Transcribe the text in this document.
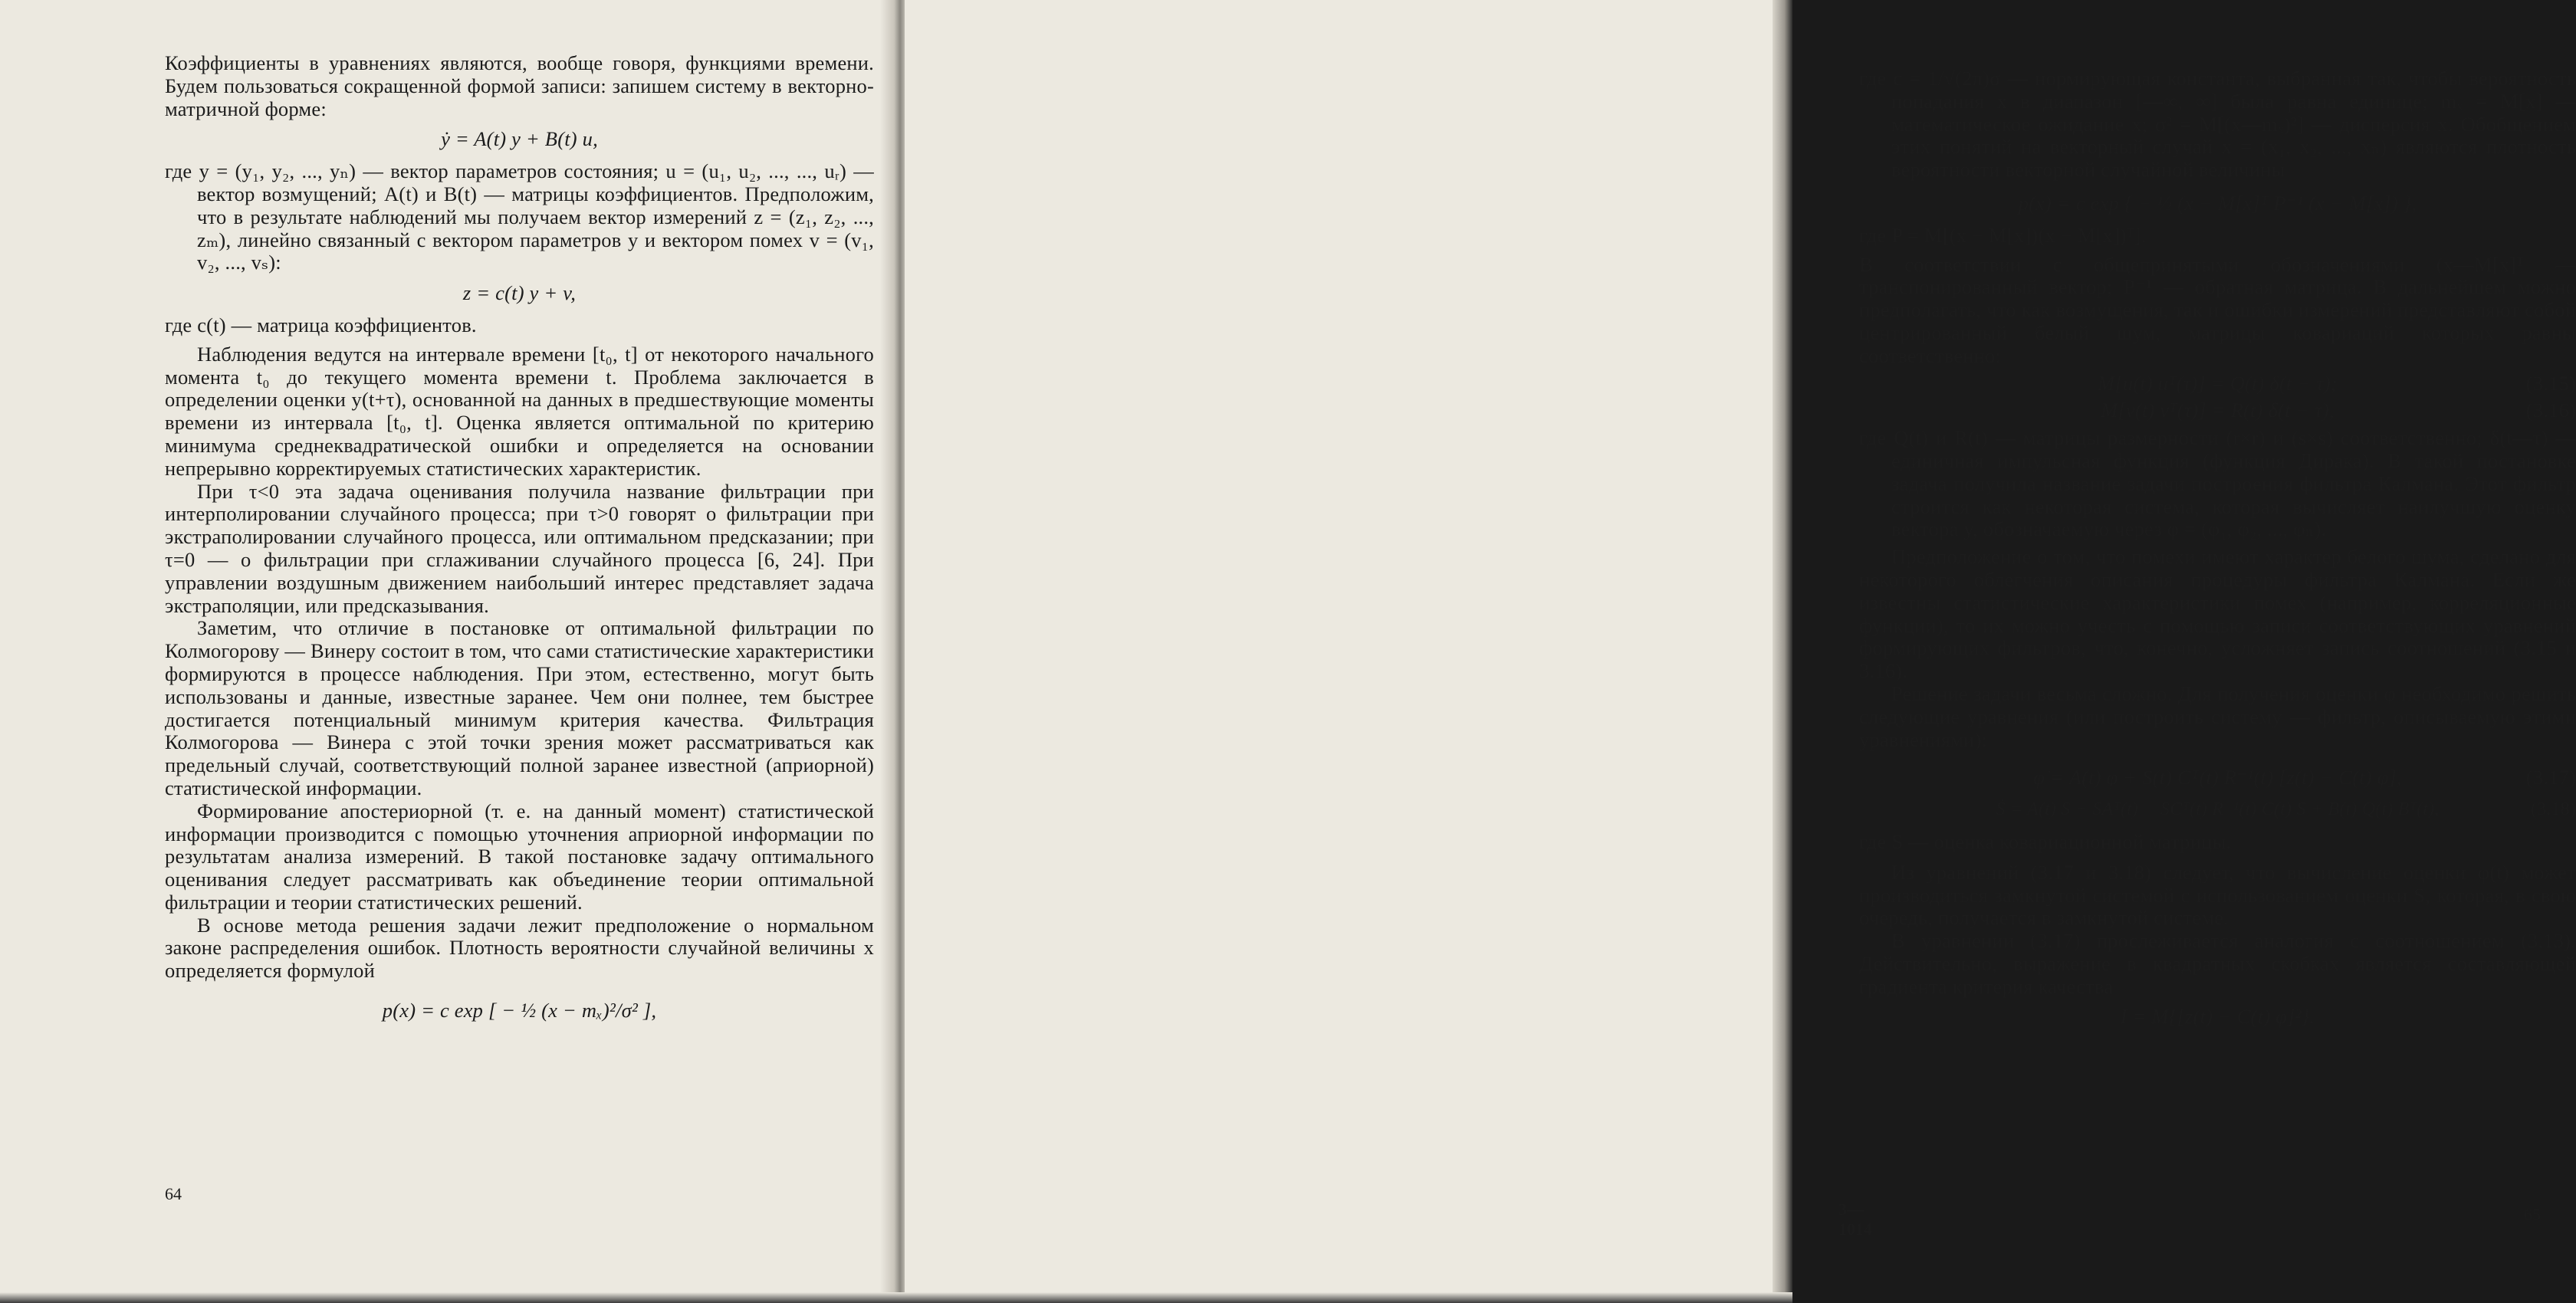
Коэффициенты в уравнениях являются, вообще говоря, функциями времени. Будем пользоваться сокращенной формой записи: запишем систему в векторно-матричной форме:

ẏ = A(t) y + B(t) u,

где y = (y₁, y₂, ..., yₙ) — вектор параметров состояния; u = (u₁, u₂, ..., ..., uᵣ) — вектор возмущений; A(t) и B(t) — матрицы коэффициентов. Предположим, что в результате наблюдений мы получаем вектор измерений z = (z₁, z₂, ..., zₘ), линейно связанный с вектором параметров y и вектором помех v = (v₁, v₂, ..., vₛ):

z = c(t) y + v,

где c(t) — матрица коэффициентов.

Наблюдения ведутся на интервале времени [t₀, t] от некоторого начального момента t₀ до текущего момента времени t. Проблема заключается в определении оценки y(t+τ), основанной на данных в предшествующие моменты времени из интервала [t₀, t]. Оценка является оптимальной по критерию минимума среднеквадратической ошибки и определяется на основании непрерывно корректируемых статистических характеристик.

При τ<0 эта задача оценивания получила название фильтрации при интерполировании случайного процесса; при τ>0 говорят о фильтрации при экстраполировании случайного процесса, или оптимальном предсказании; при τ=0 — о фильтрации при сглаживании случайного процесса [6, 24]. При управлении воздушным движением наибольший интерес представляет задача экстраполяции, или предсказывания.

Заметим, что отличие в постановке от оптимальной фильтрации по Колмогорову — Винеру состоит в том, что сами статистические характеристики формируются в процессе наблюдения. При этом, естественно, могут быть использованы и данные, известные заранее. Чем они полнее, тем быстрее достигается потенциальный минимум критерия качества. Фильтрация Колмогорова — Винера с этой точки зрения может рассматриваться как предельный случай, соответствующий полной заранее известной (априорной) статистической информации.

Формирование апостериорной (т. е. на данный момент) статистической информации производится с помощью уточнения априорной информации по результатам анализа измерений. В такой постановке задачу оптимального оценивания следует рассматривать как объединение теории оптимальной фильтрации и теории статистических решений.

В основе метода решения задачи лежит предположение о нормальном законе распределения ошибок. Плотность вероятности случайной величины x определяется формулой

p(x) = c exp [ − ½ (x − mₓ)²/σ² ],
64

где c = 1/√(2π)σ — нормирующая константа, выбранная так, чтобы вероятность попадания x в диапазон [—∞, ∞] была равна единице; mₓ = M[x] — математическое ожидание x; σ² = M[(x—mₓ)²] — дисперсия x. Обобщением этих понятий на векторный случай x = (x₁, x₂, ..., xₙ) являются плотность вероятности векторной случайной величины

p(x) = c exp { − ½ (x − M[x]ᵀ P⁻¹ (x − M[x]) },

где P = M[(x − M[x])(x − M[x])ᵀ].

В соответствии с общепринятыми обозначениями (x—M[x]ᵀ — транспонированный вектор; P⁻¹ — обратная матрица. В дальнейшем можно предполагать, что как возмущения, так и ошибки измерений представляют собой центрированный белый шум, матрицы ковариаций которых равны соответственно:

M[u(t) uᵀ(τ)] = Q(t) δ(t − τ);	(3.15)
M[v(t) vᵀ(τ)] = R(t) δ(t − τ),	(3.16)

где Q(t) и R(t) — матрицы размерности (r×r) и (s×s) соответственно; δ(t—τ) — единичная импульсная функция (функция Дирака). В такой постановке задача получила название задачи построения фильтра Калмана. Этот фильтр строится как некоторая система, которая вычисляет наилучшую оценку вектора y, обозначаемую через φ = (φ₁, φ₂, ..., φₙ).

Предположение о том, что помехи имеют характер белого шума, сделано для некоторого облегчения описания процедуры фильтра Калмана. Если же известны статистические характеристики помех (например, корреляционные функции), то их можно учесть с помощью записи соответствующих уравнений формирующих фильтров, что, конечно, усложняет запись соотношений (3.15 и 3.16).

Решение задачи весьма сложно. Для получения оценки φ необходимо решить следующие уравнения (или построить систему — фильтр, описываемую этими уравнениями):

φ̇ = A(t) φ + S(t) Cᵀ(t) R⁻¹(t) [z(t) − C(t) φ],	(3.17)
Ṡ = A(t) S + SAᵀ(t) − SCᵀ(t) R⁻¹(t) C(t) S + B(t) Q(t) Bᵀ(t),	(3.18)

где S — оценка ковариационной матрицы.

Из уравнений (3.17 и 3.18) следует, что вычисление оценки φ(t) может производиться замкнутой системой с использованием оценки S, которая, в свою очередь, получается в замкнутой системе.

В уравнении (3.17) прослеживается аналогия с соотношением (3.13). Действительно, выражение в квадратных скобках является составляющей градиента критерия качества

I = M{[z(t) − C(t) φ]²}.
3—1014
65
